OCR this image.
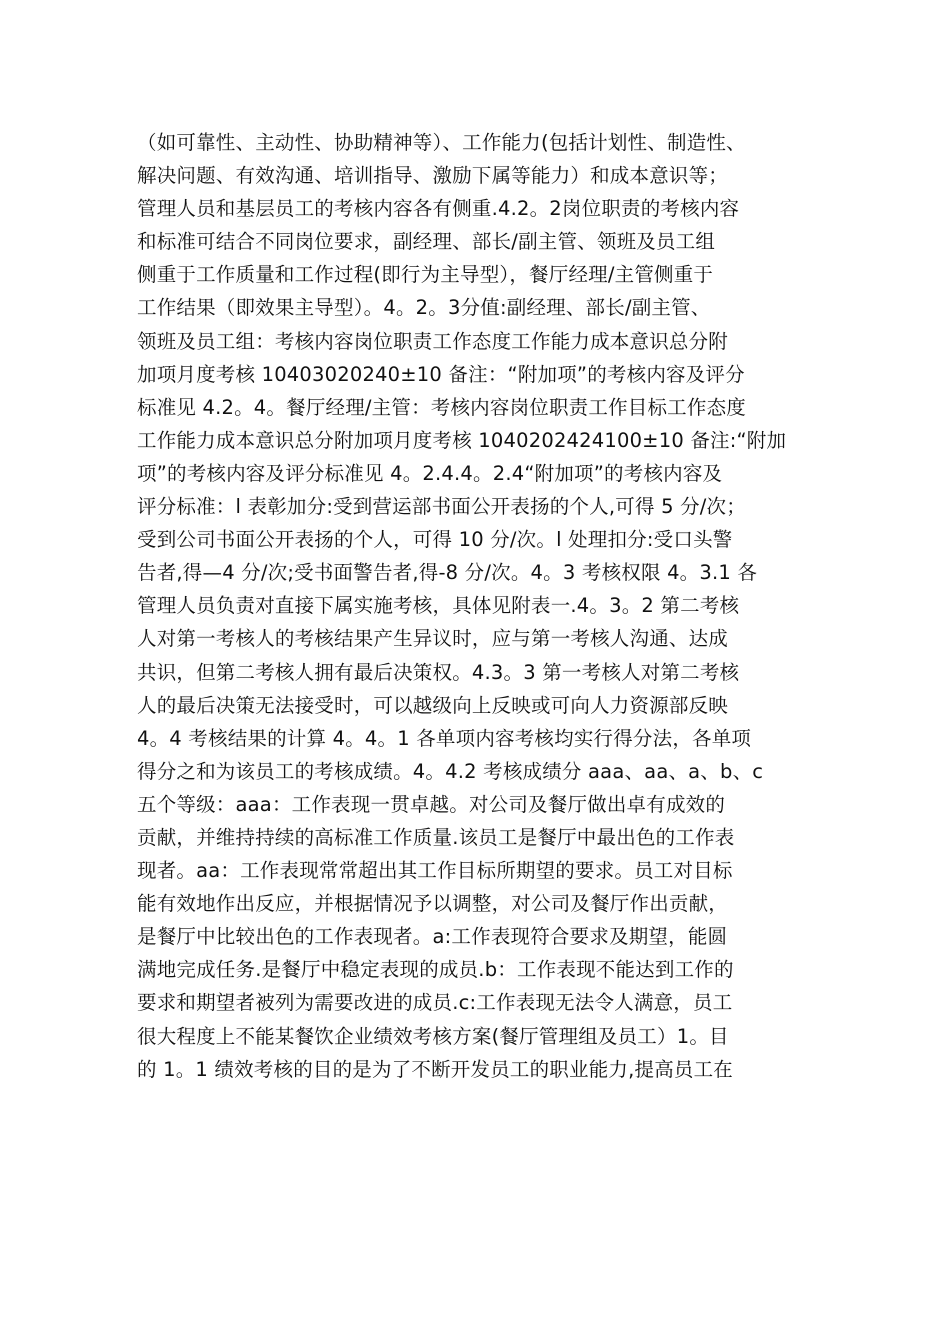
（如可靠性、主动性、协助精神等）、工作能力(包括计划性、制造性、
解决问题、有效沟通、培训指导、激励下属等能力）和成本意识等；
管理人员和基层员工的考核内容各有侧重.4.2。2岗位职责的考核内容
和标准可结合不同岗位要求，副经理、部长/副主管、领班及员工组
侧重于工作质量和工作过程(即行为主导型），餐厅经理/主管侧重于
工作结果（即效果主导型）。4。2。3分值:副经理、部长/副主管、
领班及员工组：考核内容岗位职责工作态度工作能力成本意识总分附
加项月度考核 10403020240±10 备注：“附加项”的考核内容及评分
标准见 4.2。4。餐厅经理/主管：考核内容岗位职责工作目标工作态度
工作能力成本意识总分附加项月度考核 1040202424100±10 备注:“附加
项”的考核内容及评分标准见 4。2.4.4。2.4“附加项”的考核内容及
评分标准：l 表彰加分:受到营运部书面公开表扬的个人,可得 5 分/次；
受到公司书面公开表扬的个人，可得 10 分/次。l 处理扣分:受口头警
告者,得—4 分/次;受书面警告者,得-8 分/次。4。3 考核权限 4。3.1 各
管理人员负责对直接下属实施考核，具体见附表一.4。3。2 第二考核
人对第一考核人的考核结果产生异议时，应与第一考核人沟通、达成
共识，但第二考核人拥有最后决策权。4.3。3 第一考核人对第二考核
人的最后决策无法接受时，可以越级向上反映或可向人力资源部反映
4。4 考核结果的计算 4。4。1 各单项内容考核均实行得分法，各单项
得分之和为该员工的考核成绩。4。4.2 考核成绩分 aaa、aa、a、b、c
五个等级：aaa：工作表现一贯卓越。对公司及餐厅做出卓有成效的
贡献，并维持持续的高标准工作质量.该员工是餐厅中最出色的工作表
现者。aa：工作表现常常超出其工作目标所期望的要求。员工对目标
能有效地作出反应，并根据情况予以调整，对公司及餐厅作出贡献，
是餐厅中比较出色的工作表现者。a:工作表现符合要求及期望，能圆
满地完成任务.是餐厅中稳定表现的成员.b：工作表现不能达到工作的
要求和期望者被列为需要改进的成员.c:工作表现无法令人满意，员工
很大程度上不能某餐饮企业绩效考核方案(餐厅管理组及员工）1。目
的 1。1 绩效考核的目的是为了不断开发员工的职业能力,提高员工在
